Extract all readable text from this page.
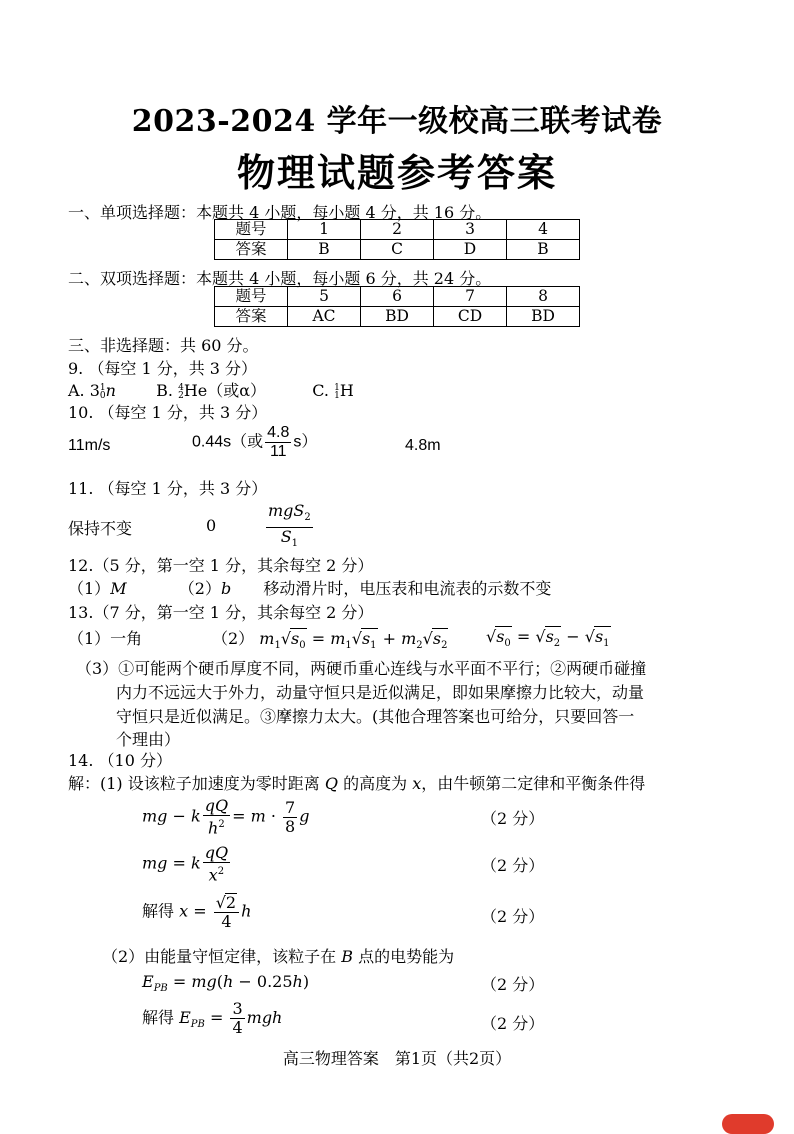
2023-2024 学年一级校高三联考试卷
物理试题参考答案
一、单项选择题：本题共 4 小题，每小题 4 分，共 16 分。
题号	1	2	3	4
答案	B	C	D	B
二、双项选择题：本题共 4 小题，每小题 6 分，共 24 分。
题号	5	6	7	8
答案	AC	BD	CD	BD
三、非选择题：共 60 分。
9. （每空 1 分，共 3 分）
A. 3 1
0 n	B. 4
2 He（或α）	C. 1
1 H
10. （每空 1 分，共 3 分）
11m/s	0.44s（或 $\frac{4.8}{11} s$）	4.8m
11. （每空 1 分，共 3 分）
保持不变	0	$\frac{mgS_2}{S_1}$
12.（5 分，第一空 1 分，其余每空 2 分）
（1）M	（2）b 移动滑片时，电压表和电流表的示数不变
13.（7 分，第一空 1 分，其余每空 2 分）
（1）一角	（2） $m_1√s_0 = m_1√s_1 + m_2√s_2$ $√s_0 = √s_2 - √s_1$
（3）①可能两个硬币厚度不同，两硬币重心连线与水平面不平行；②两硬币碰撞
内力不远远大于外力，动量守恒只是近似满足，即如果摩擦力比较大，动量
守恒只是近似满足。③摩擦力太大。(其他合理答案也可给分，只要回答一
个理由）
14. （10 分）
解：(1) 设该粒子加速度为零时距离 Q 的高度为 x，由牛顿第二定律和平衡条件得
mg − k $\frac{qQ}{h^2} = m \cdot \frac{7}{8}$ g	（2 分）
mg = k $\frac{qQ}{x^2}$	（2 分）
解得 $x = \frac{√2}{4}$ h	（2 分）
（2）由能量守恒定律，该粒子在 B 点的电势能为
$E_{PB} = mg(h - 0.25h)$	（2 分）
解得 $E_{PB} = \frac{3}{4}$ mgh	（2 分）
高三物理答案　第1页（共2页）
